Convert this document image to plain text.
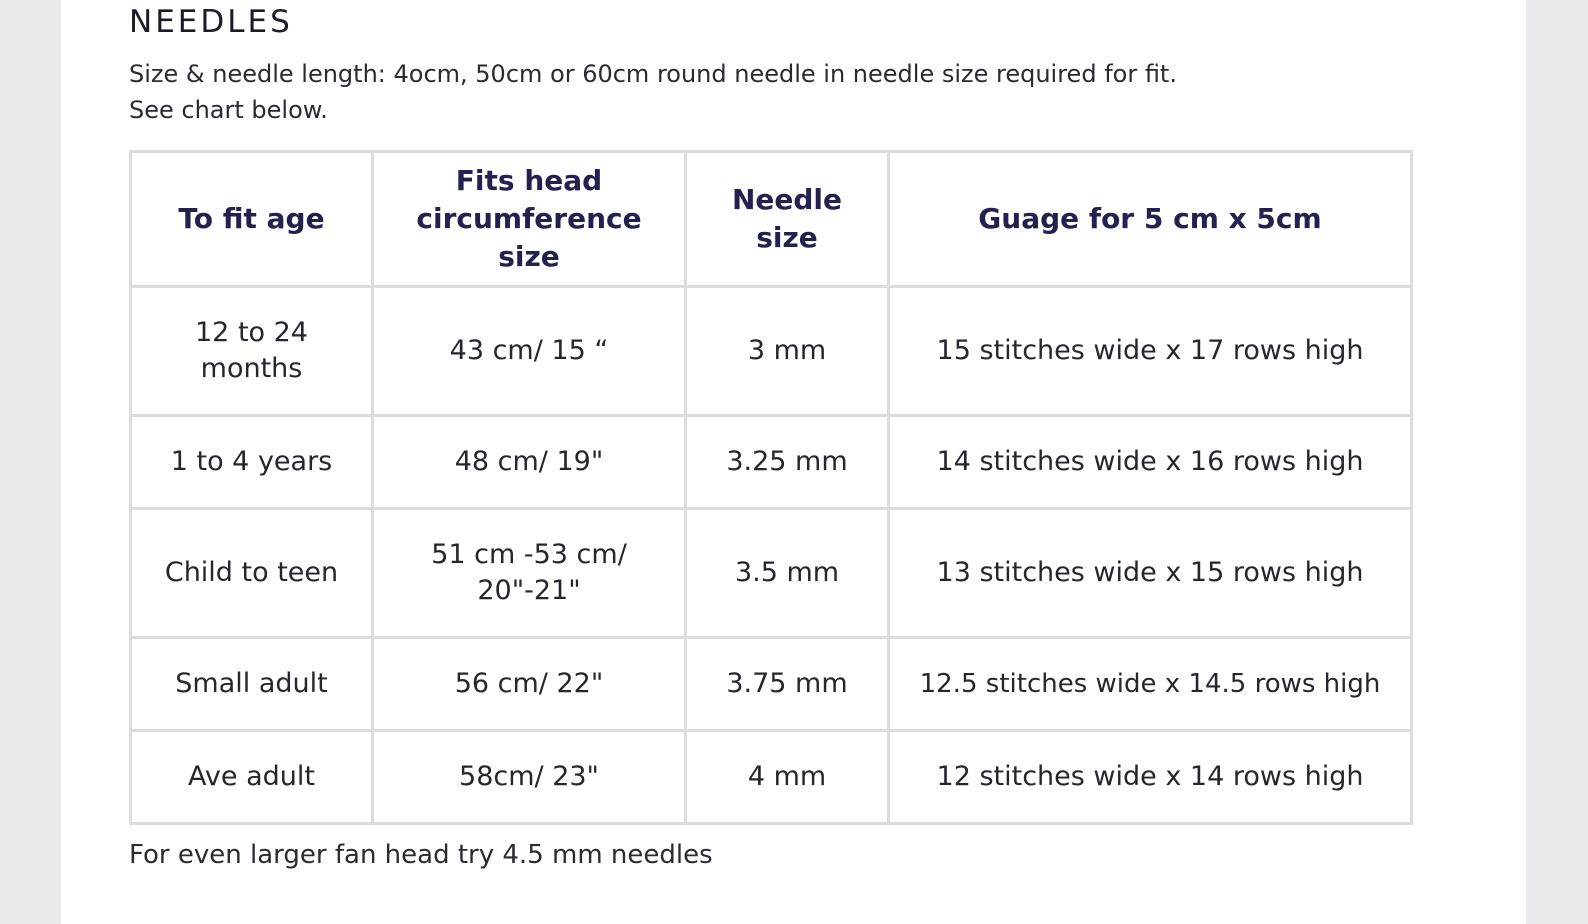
NEEDLES
Size & needle length: 4ocm, 50cm or 60cm round needle in needle size required for fit.
See chart below.
To fit age	Fits head circumference size	Needle size	Guage for 5 cm x 5cm
12 to 24 months	43 cm/ 15 “	3 mm	15 stitches wide x 17 rows high
1 to 4 years	48 cm/ 19"	3.25 mm	14 stitches wide x 16 rows high
Child to teen	51 cm -53 cm/ 20"-21"	3.5 mm	13 stitches wide x 15 rows high
Small adult	56 cm/ 22"	3.75 mm	12.5 stitches wide x 14.5 rows high
Ave adult	58cm/ 23"	4 mm	12 stitches wide x 14 rows high
For even larger fan head try 4.5 mm needles
